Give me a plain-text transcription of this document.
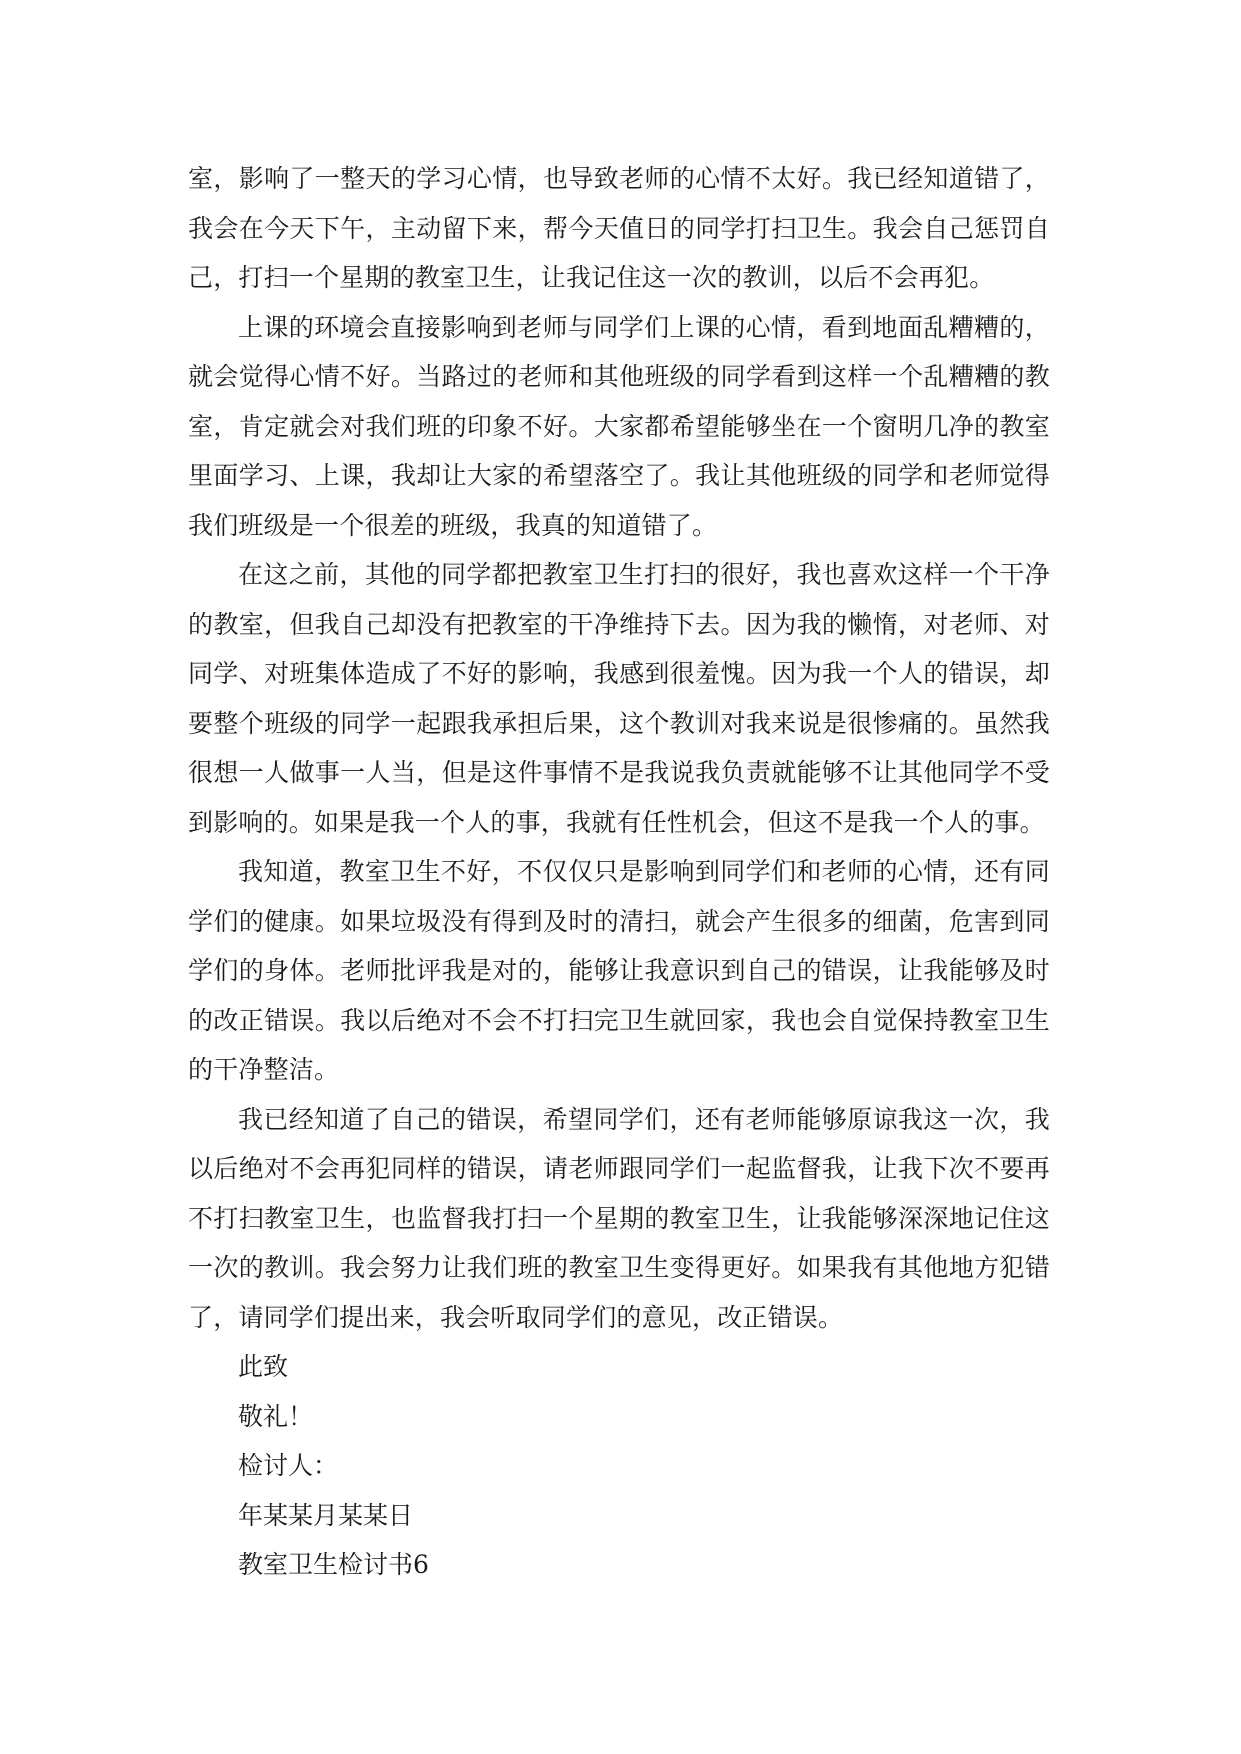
室，影响了一整天的学习心情，也导致老师的心情不太好。我已经知道错了，我会在今天下午，主动留下来，帮今天值日的同学打扫卫生。我会自己惩罚自己，打扫一个星期的教室卫生，让我记住这一次的教训，以后不会再犯。

上课的环境会直接影响到老师与同学们上课的心情，看到地面乱糟糟的，就会觉得心情不好。当路过的老师和其他班级的同学看到这样一个乱糟糟的教室，肯定就会对我们班的印象不好。大家都希望能够坐在一个窗明几净的教室里面学习、上课，我却让大家的希望落空了。我让其他班级的同学和老师觉得我们班级是一个很差的班级，我真的知道错了。

在这之前，其他的同学都把教室卫生打扫的很好，我也喜欢这样一个干净的教室，但我自己却没有把教室的干净维持下去。因为我的懒惰，对老师、对同学、对班集体造成了不好的影响，我感到很羞愧。因为我一个人的错误，却要整个班级的同学一起跟我承担后果，这个教训对我来说是很惨痛的。虽然我很想一人做事一人当，但是这件事情不是我说我负责就能够不让其他同学不受到影响的。如果是我一个人的事，我就有任性机会，但这不是我一个人的事。

我知道，教室卫生不好，不仅仅只是影响到同学们和老师的心情，还有同学们的健康。如果垃圾没有得到及时的清扫，就会产生很多的细菌，危害到同学们的身体。老师批评我是对的，能够让我意识到自己的错误，让我能够及时的改正错误。我以后绝对不会不打扫完卫生就回家，我也会自觉保持教室卫生的干净整洁。

我已经知道了自己的错误，希望同学们，还有老师能够原谅我这一次，我以后绝对不会再犯同样的错误，请老师跟同学们一起监督我，让我下次不要再不打扫教室卫生，也监督我打扫一个星期的教室卫生，让我能够深深地记住这一次的教训。我会努力让我们班的教室卫生变得更好。如果我有其他地方犯错了，请同学们提出来，我会听取同学们的意见，改正错误。

此致

敬礼！

检讨人：

年某某月某某日

教室卫生检讨书6
